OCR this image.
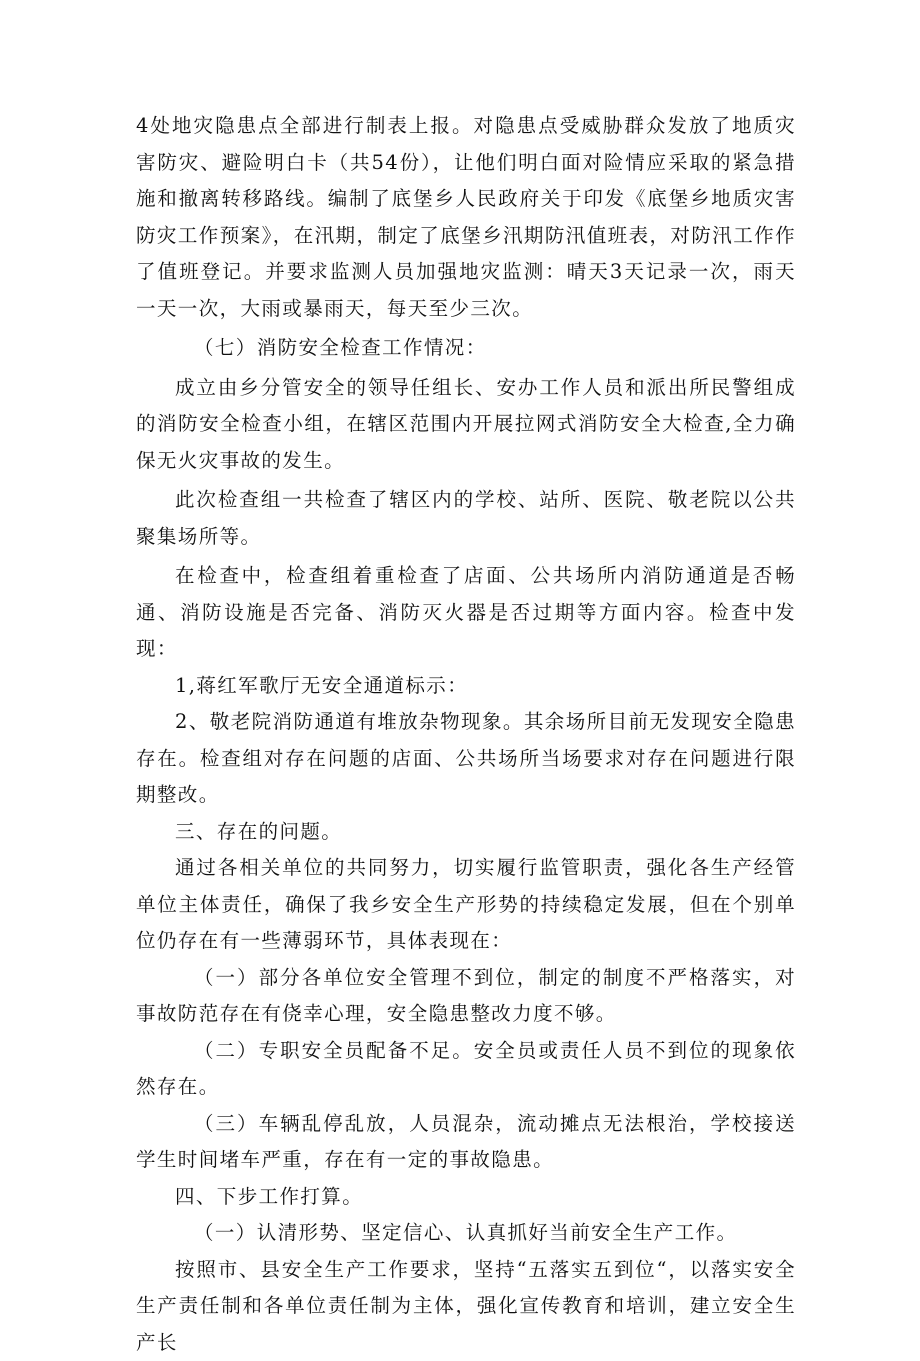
4处地灾隐患点全部进行制表上报。对隐患点受威胁群众发放了地质灾害防灾、避险明白卡（共54份），让他们明白面对险情应采取的紧急措施和撤离转移路线。编制了底堡乡人民政府关于印发《底堡乡地质灾害防灾工作预案》，在汛期，制定了底堡乡汛期防汛值班表，对防汛工作作了值班登记。并要求监测人员加强地灾监测：晴天3天记录一次，雨天一天一次，大雨或暴雨天，每天至少三次。

（七）消防安全检查工作情况：

成立由乡分管安全的领导任组长、安办工作人员和派出所民警组成的消防安全检查小组，在辖区范围内开展拉网式消防安全大检查,全力确保无火灾事故的发生。

此次检查组一共检查了辖区内的学校、站所、医院、敬老院以公共聚集场所等。

在检查中，检查组着重检查了店面、公共场所内消防通道是否畅通、消防设施是否完备、消防灭火器是否过期等方面内容。检查中发现：

1,蒋红军歌厅无安全通道标示：

2、敬老院消防通道有堆放杂物现象。其余场所目前无发现安全隐患存在。检查组对存在问题的店面、公共场所当场要求对存在问题进行限期整改。

三、存在的问题。

通过各相关单位的共同努力，切实履行监管职责，强化各生产经管单位主体责任，确保了我乡安全生产形势的持续稳定发展，但在个别单位仍存在有一些薄弱环节，具体表现在：

（一）部分各单位安全管理不到位，制定的制度不严格落实，对事故防范存在有侥幸心理，安全隐患整改力度不够。

（二）专职安全员配备不足。安全员或责任人员不到位的现象依然存在。

（三）车辆乱停乱放，人员混杂，流动摊点无法根治，学校接送学生时间堵车严重，存在有一定的事故隐患。

四、下步工作打算。

（一）认清形势、坚定信心、认真抓好当前安全生产工作。

按照市、县安全生产工作要求，坚持“五落实五到位“，以落实安全生产责任制和各单位责任制为主体，强化宣传教育和培训，建立安全生产长
